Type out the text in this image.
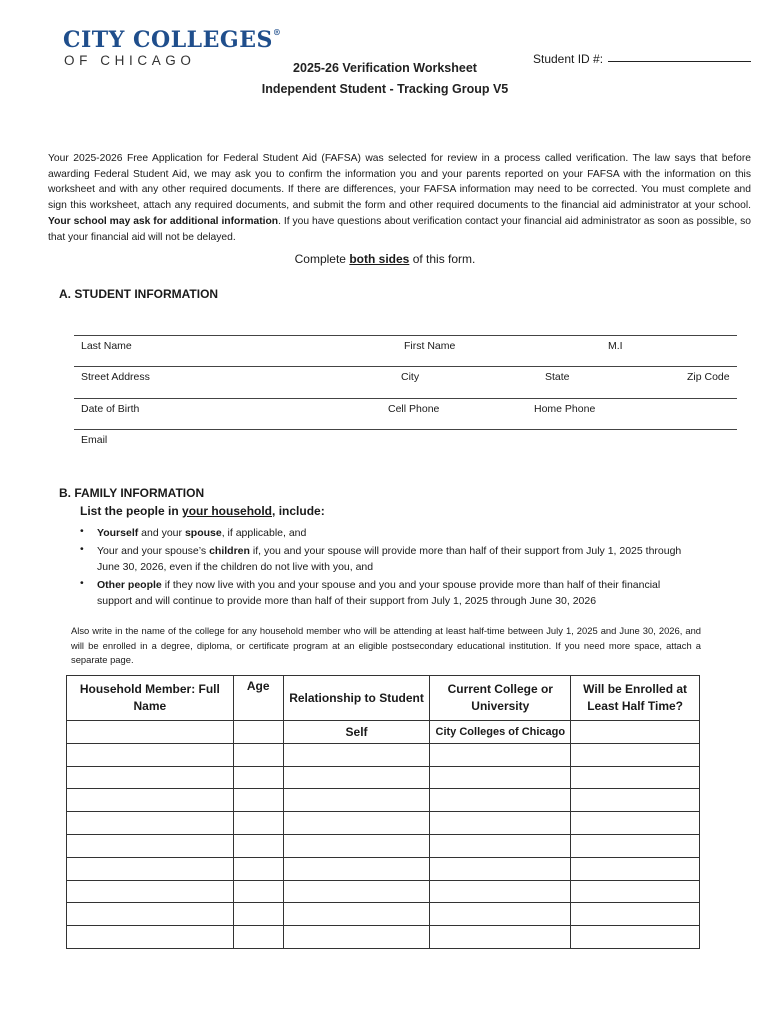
CITY COLLEGES®
OF CHICAGO	2025-26 Verification Worksheet
Independent Student - Tracking Group V5
Student ID #:
Your 2025-2026 Free Application for Federal Student Aid (FAFSA) was selected for review in a process called verification. The law says that before awarding Federal Student Aid, we may ask you to confirm the information you and your parents reported on your FAFSA with the information on this worksheet and with any other required documents. If there are differences, your FAFSA information may need to be corrected. You must complete and sign this worksheet, attach any required documents, and submit the form and other required documents to the financial aid administrator at your school. Your school may ask for additional information. If you have questions about verification contact your financial aid administrator as soon as possible, so that your financial aid will not be delayed.
Complete both sides of this form.
A. STUDENT INFORMATION
Last Name	First Name	M.I
Street Address	City	State	Zip Code
Date of Birth	Cell Phone	Home Phone
Email
B. FAMILY INFORMATION
List the people in your household, include:
• Yourself and your spouse, if applicable, and
• Your and your spouse’s children if, you and your spouse will provide more than half of their support from July 1, 2025 through June 30, 2026, even if the children do not live with you, and
• Other people if they now live with you and your spouse and you and your spouse provide more than half of their financial support and will continue to provide more than half of their support from July 1, 2025 through June 30, 2026
Also write in the name of the college for any household member who will be attending at least half-time between July 1, 2025 and June 30, 2026, and will be enrolled in a degree, diploma, or certificate program at an eligible postsecondary educational institution. If you need more space, attach a separate page.
Household Member: Full Name	Age	Relationship to Student	Current College or University	Will be Enrolled at Least Half Time?
		Self	City Colleges of Chicago	
